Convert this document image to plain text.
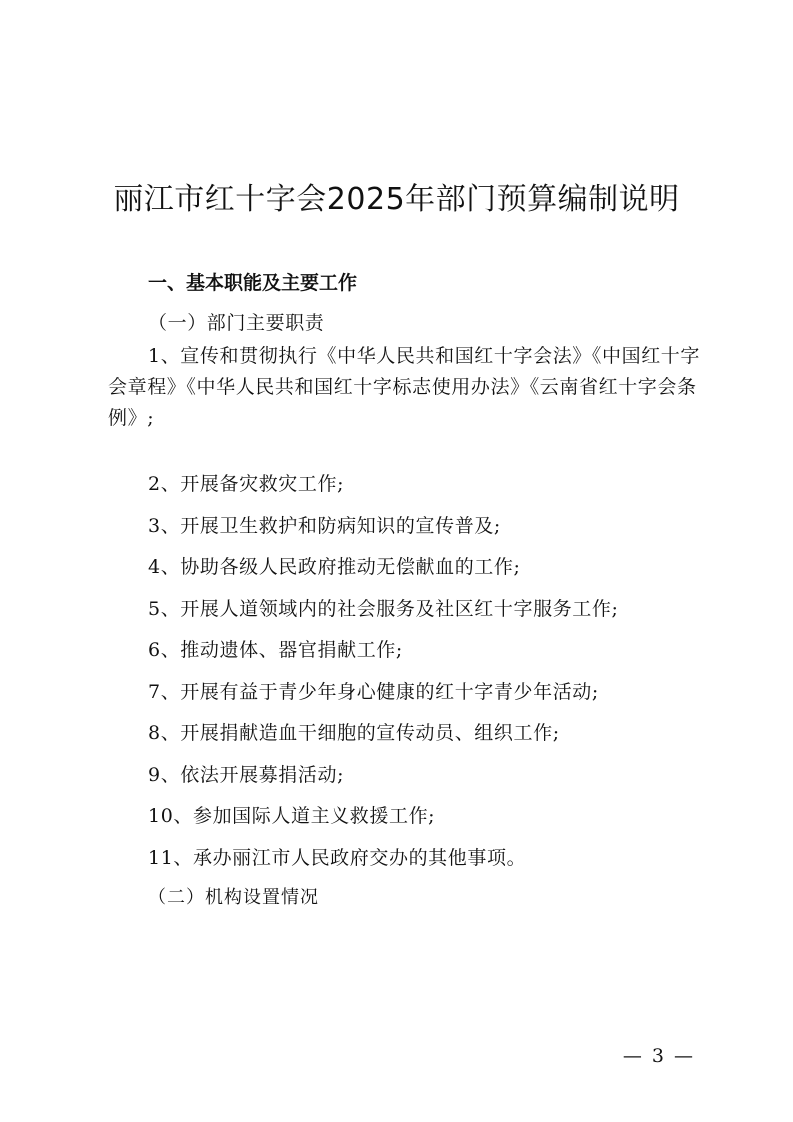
丽江市红十字会2025年部门预算编制说明
一、基本职能及主要工作
（一）部门主要职责
1、宣传和贯彻执行《中华人民共和国红十字会法》《中国红十字会章程》《中华人民共和国红十字标志使用办法》《云南省红十字会条例》;
2、开展备灾救灾工作;
3、开展卫生救护和防病知识的宣传普及;
4、协助各级人民政府推动无偿献血的工作;
5、开展人道领域内的社会服务及社区红十字服务工作;
6、推动遗体、器官捐献工作;
7、开展有益于青少年身心健康的红十字青少年活动;
8、开展捐献造血干细胞的宣传动员、组织工作;
9、依法开展募捐活动;
10、参加国际人道主义救援工作;
11、承办丽江市人民政府交办的其他事项。
（二）机构设置情况
— 3 —
